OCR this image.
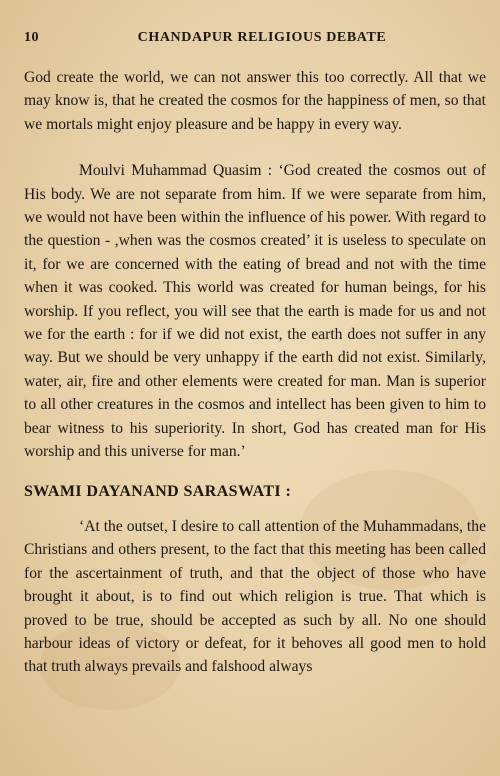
10	CHANDAPUR RELIGIOUS DEBATE

God create the world, we can not answer this too correctly. All that we may know is, that he created the cosmos for the happiness of men, so that we mortals might enjoy pleasure and be happy in every way.

Moulvi Muhammad Quasim : ‘God created the cosmos out of His body. We are not separate from him. If we were separate from him, we would not have been within the influence of his power. With regard to the question - ,when was the cosmos created’ it is useless to speculate on it, for we are concerned with the eating of bread and not with the time when it was cooked. This world was created for human beings, for his worship. If you reflect, you will see that the earth is made for us and not we for the earth : for if we did not exist, the earth does not suffer in any way. But we should be very unhappy if the earth did not exist. Similarly, water, air, fire and other elements were created for man. Man is superior to all other creatures in the cosmos and intellect has been given to him to bear witness to his superiority. In short, God has created man for His worship and this universe for man.’

SWAMI DAYANAND SARASWATI :

‘At the outset, I desire to call attention of the Muhammadans, the Christians and others present, to the fact that this meeting has been called for the ascertainment of truth, and that the object of those who have brought it about, is to find out which religion is true. That which is proved to be true, should be accepted as such by all. No one should harbour ideas of victory or defeat, for it behoves all good men to hold that truth always prevails and falshood always
